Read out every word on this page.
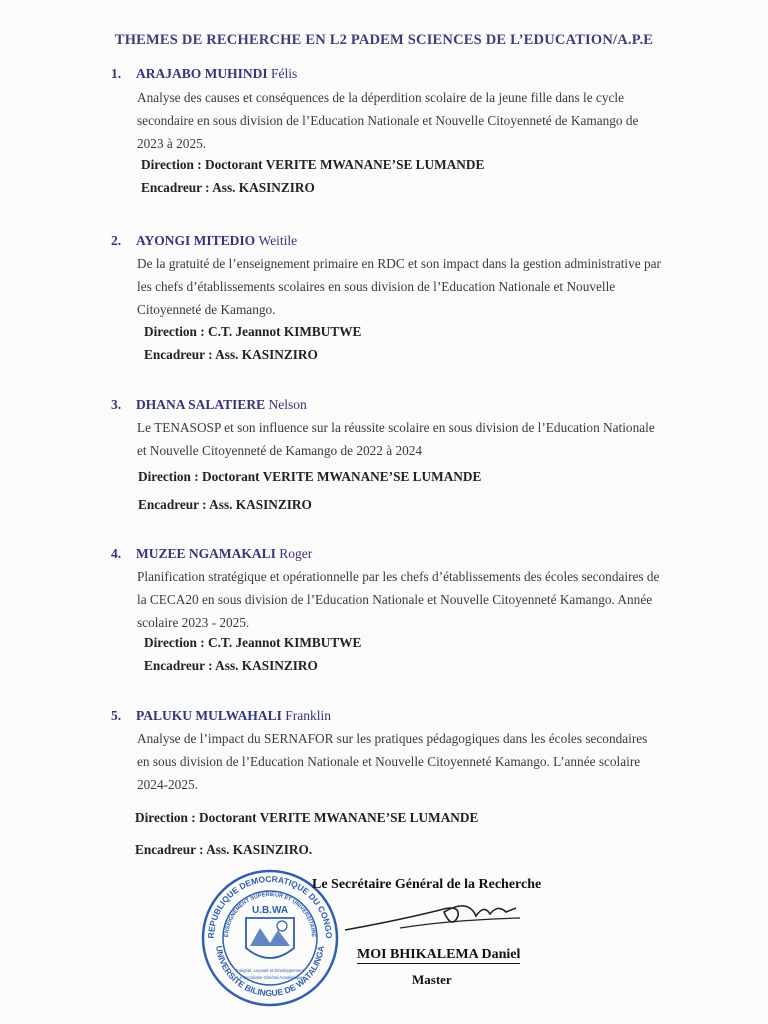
THEMES DE RECHERCHE EN L2 PADEM SCIENCES DE L’EDUCATION/A.P.E
1. ARAJABO MUHINDI Félis
Analyse des causes et conséquences de la déperdition scolaire de la jeune fille dans le cycle
secondaire en sous division de l’Education Nationale et Nouvelle Citoyenneté de Kamango de
2023 à 2025.
Direction : Doctorant VERITE MWANANE’SE LUMANDE
Encadreur : Ass. KASINZIRO
2. AYONGI MITEDIO Weitile
De la gratuité de l’enseignement primaire en RDC et son impact dans la gestion administrative par
les chefs d’établissements scolaires en sous division de l’Education Nationale et Nouvelle
Citoyenneté de Kamango.
Direction : C.T. Jeannot KIMBUTWE
Encadreur : Ass. KASINZIRO
3. DHANA SALATIERE Nelson
Le TENASOSP et son influence sur la réussite scolaire en sous division de l’Education Nationale
et Nouvelle Citoyenneté de Kamango de 2022 à 2024
Direction : Doctorant VERITE MWANANE’SE LUMANDE
Encadreur : Ass. KASINZIRO
4. MUZEE NGAMAKALI Roger
Planification stratégique et opérationnelle par les chefs d’établissements des écoles secondaires de
la CECA20 en sous division de l’Education Nationale et Nouvelle Citoyenneté Kamango. Année
scolaire 2023 - 2025.
Direction : C.T. Jeannot KIMBUTWE
Encadreur : Ass. KASINZIRO
5. PALUKU MULWAHALI Franklin
Analyse de l’impact du SERNAFOR sur les pratiques pédagogiques dans les écoles secondaires
en sous division de l’Education Nationale et Nouvelle Citoyenneté Kamango. L’année scolaire
2024-2025.
Direction : Doctorant VERITE MWANANE’SE LUMANDE
Encadreur : Ass. KASINZIRO.
REPUBLIQUE DEMOCRATIQUE DU CONGO
ENSEIGNEMENT SUPERIEUR ET UNIVERSITAIRE
UNIVERSITE BILINGUE DE WATALINGA
U.B.WA
Intégrité, Loyauté et Développement
Le Secrétaire Général Académique
Le Secrétaire Général de la Recherche
MOI BHIKALEMA Daniel
Master
